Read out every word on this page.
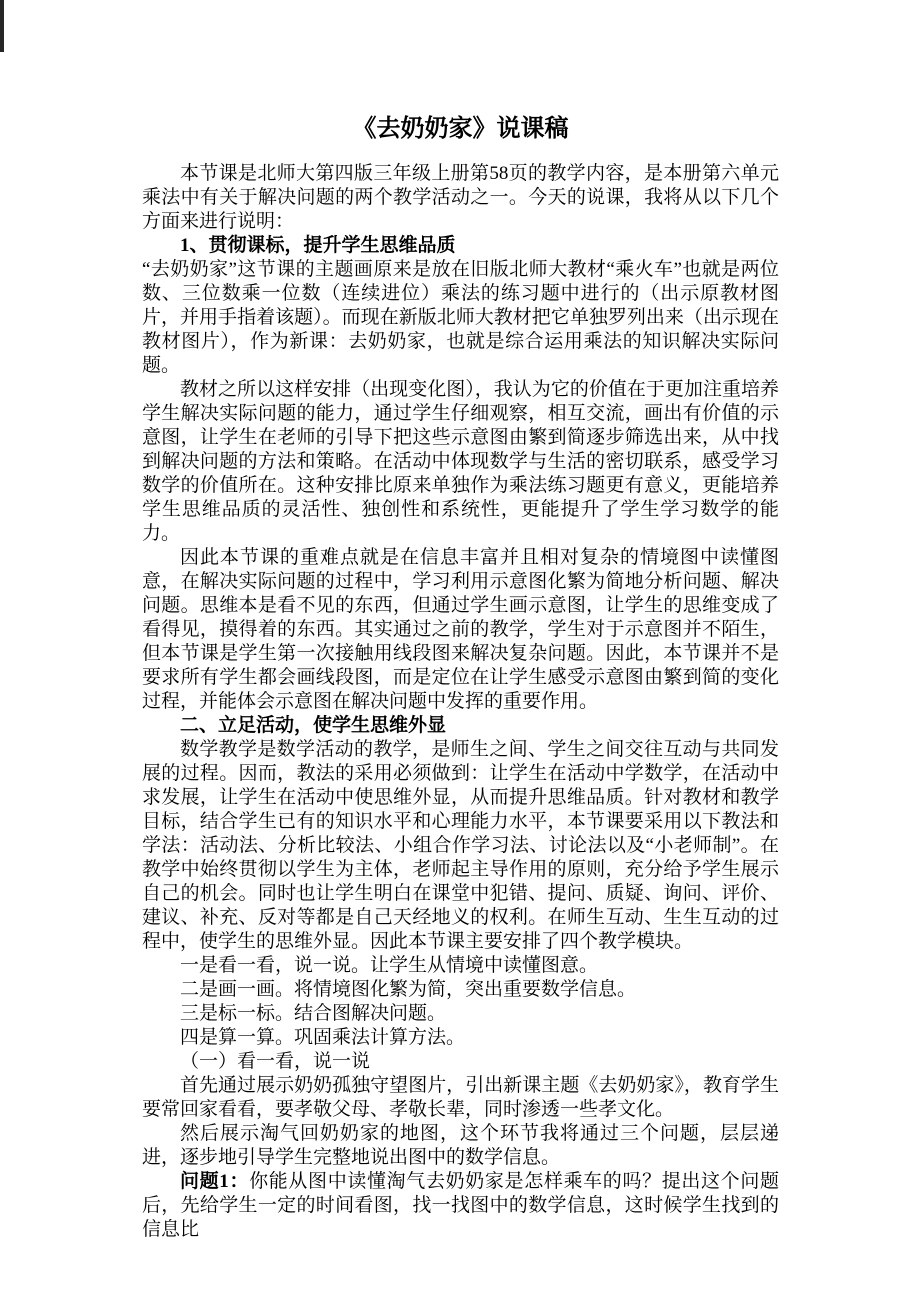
《去奶奶家》说课稿

本节课是北师大第四版三年级上册第58页的教学内容，是本册第六单元乘法中有关于解决问题的两个教学活动之一。今天的说课，我将从以下几个方面来进行说明：

1、贯彻课标，提升学生思维品质

“去奶奶家”这节课的主题画原来是放在旧版北师大教材“乘火车”也就是两位数、三位数乘一位数（连续进位）乘法的练习题中进行的（出示原教材图片，并用手指着该题）。而现在新版北师大教材把它单独罗列出来（出示现在教材图片），作为新课：去奶奶家，也就是综合运用乘法的知识解决实际问题。

教材之所以这样安排（出现变化图），我认为它的价值在于更加注重培养学生解决实际问题的能力，通过学生仔细观察，相互交流，画出有价值的示意图，让学生在老师的引导下把这些示意图由繁到简逐步筛选出来，从中找到解决问题的方法和策略。在活动中体现数学与生活的密切联系，感受学习数学的价值所在。这种安排比原来单独作为乘法练习题更有意义，更能培养学生思维品质的灵活性、独创性和系统性，更能提升了学生学习数学的能力。

因此本节课的重难点就是在信息丰富并且相对复杂的情境图中读懂图意，在解决实际问题的过程中，学习利用示意图化繁为简地分析问题、解决问题。思维本是看不见的东西，但通过学生画示意图，让学生的思维变成了看得见，摸得着的东西。其实通过之前的教学，学生对于示意图并不陌生，但本节课是学生第一次接触用线段图来解决复杂问题。因此，本节课并不是要求所有学生都会画线段图，而是定位在让学生感受示意图由繁到简的变化过程，并能体会示意图在解决问题中发挥的重要作用。

二、立足活动，使学生思维外显

数学教学是数学活动的教学，是师生之间、学生之间交往互动与共同发展的过程。因而，教法的采用必须做到：让学生在活动中学数学，在活动中求发展，让学生在活动中使思维外显，从而提升思维品质。针对教材和教学目标，结合学生已有的知识水平和心理能力水平，本节课要采用以下教法和学法：活动法、分析比较法、小组合作学习法、讨论法以及“小老师制”。在教学中始终贯彻以学生为主体，老师起主导作用的原则，充分给予学生展示自己的机会。同时也让学生明白在课堂中犯错、提问、质疑、询问、评价、建议、补充、反对等都是自己天经地义的权利。在师生互动、生生互动的过程中，使学生的思维外显。因此本节课主要安排了四个教学模块。

一是看一看，说一说。让学生从情境中读懂图意。

二是画一画。将情境图化繁为简，突出重要数学信息。

三是标一标。结合图解决问题。

四是算一算。巩固乘法计算方法。

（一）看一看，说一说

首先通过展示奶奶孤独守望图片，引出新课主题《去奶奶家》，教育学生要常回家看看，要孝敬父母、孝敬长辈，同时渗透一些孝文化。

然后展示淘气回奶奶家的地图，这个环节我将通过三个问题，层层递进，逐步地引导学生完整地说出图中的数学信息。

问题1：你能从图中读懂淘气去奶奶家是怎样乘车的吗？提出这个问题后，先给学生一定的时间看图，找一找图中的数学信息，这时候学生找到的信息比
